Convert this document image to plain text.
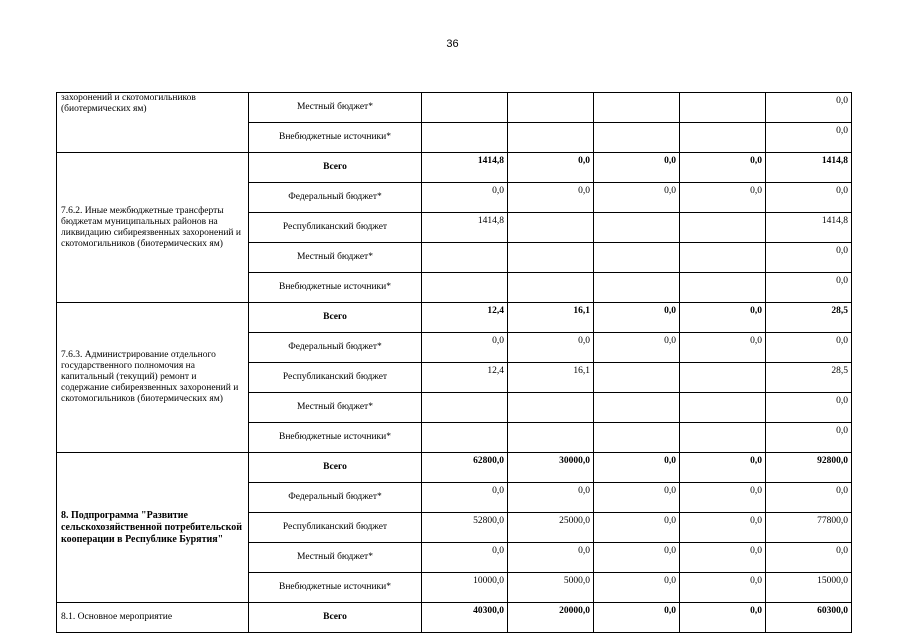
36
захоронений и скотомогильников (биотермических ям)	Местный бюджет*					0,0
	Внебюджетные источники*					0,0
7.6.2. Иные межбюджетные трансферты бюджетам муниципальных районов на ликвидацию сибиреязвенных захоронений и скотомогильников (биотермических ям)	Всего	1414,8	0,0	0,0	0,0	1414,8
	Федеральный бюджет*	0,0	0,0	0,0	0,0	0,0
	Республиканский бюджет	1414,8				1414,8
	Местный бюджет*					0,0
	Внебюджетные источники*					0,0
7.6.3. Администрирование отдельного государственного полномочия на капитальный (текущий) ремонт и содержание сибиреязвенных захоронений и скотомогильников (биотермических ям)	Всего	12,4	16,1	0,0	0,0	28,5
	Федеральный бюджет*	0,0	0,0	0,0	0,0	0,0
	Республиканский бюджет	12,4	16,1			28,5
	Местный бюджет*					0,0
	Внебюджетные источники*					0,0
8. Подпрограмма "Развитие сельскохозяйственной потребительской кооперации в Республике Бурятия"	Всего	62800,0	30000,0	0,0	0,0	92800,0
	Федеральный бюджет*	0,0	0,0	0,0	0,0	0,0
	Республиканский бюджет	52800,0	25000,0	0,0	0,0	77800,0
	Местный бюджет*	0,0	0,0	0,0	0,0	0,0
	Внебюджетные источники*	10000,0	5000,0	0,0	0,0	15000,0
8.1. Основное мероприятие	Всего	40300,0	20000,0	0,0	0,0	60300,0
